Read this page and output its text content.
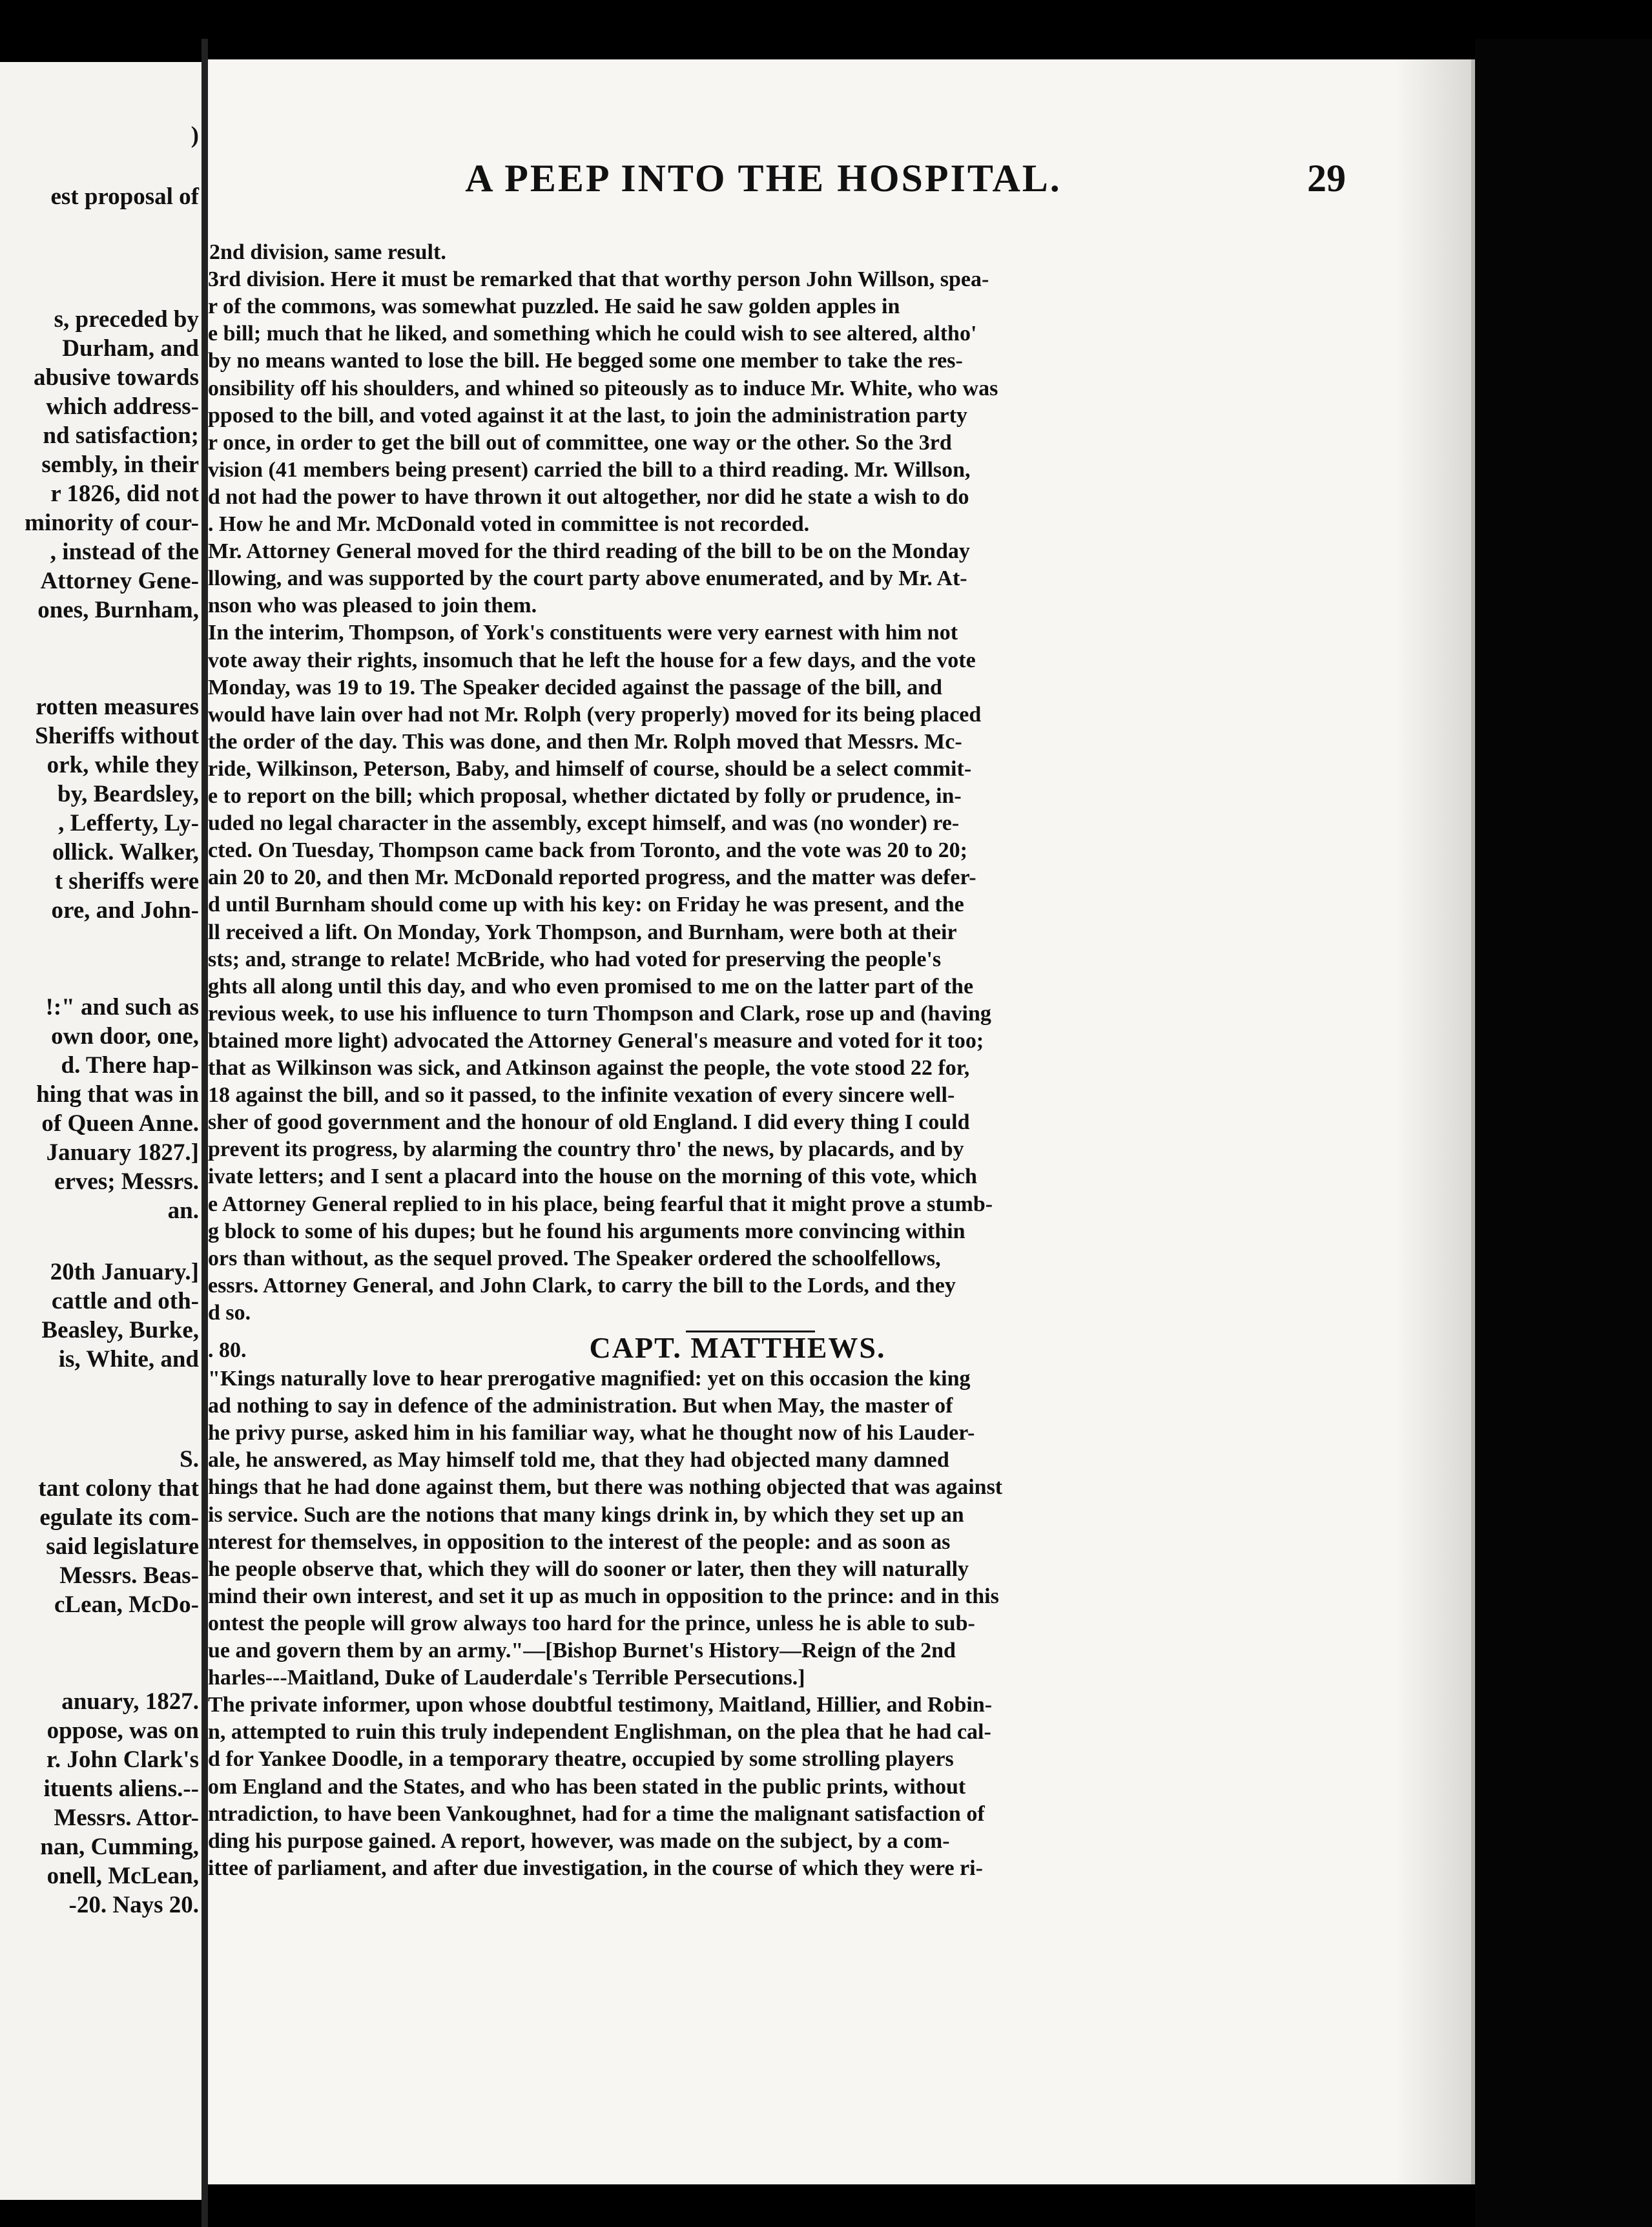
)
est proposal of
s, preceded by
Durham, and
abusive towards
which address-
nd satisfaction;
sembly, in their
r 1826, did not
minority of cour-
, instead of the
Attorney Gene-
ones, Burnham,
rotten measures
Sheriffs without
ork, while they
by, Beardsley,
, Lefferty, Ly-
ollick. Walker,
t sheriffs were
ore, and John-
!:" and such as
own door, one,
d. There hap-
hing that was in
of Queen Anne.
January 1827.]
erves; Messrs.
an.
20th January.]
cattle and oth-
Beasley, Burke,
is, White, and
S.
tant colony that
egulate its com-
said legislature
Messrs. Beas-
cLean, McDo-
anuary, 1827.
oppose, was on
r. John Clark's
ituents aliens.--
Messrs. Attor-
nan, Cumming,
onell, McLean,
-20. Nays 20.
A PEEP INTO THE HOSPITAL.	29
2nd division, same result.
3rd division. Here it must be remarked that that worthy person John Willson, spea-
r of the commons, was somewhat puzzled. He said he saw golden apples in
e bill; much that he liked, and something which he could wish to see altered, altho'
by no means wanted to lose the bill. He begged some one member to take the res-
onsibility off his shoulders, and whined so piteously as to induce Mr. White, who was
pposed to the bill, and voted against it at the last, to join the administration party
r once, in order to get the bill out of committee, one way or the other. So the 3rd
vision (41 members being present) carried the bill to a third reading. Mr. Willson,
d not had the power to have thrown it out altogether, nor did he state a wish to do
. How he and Mr. McDonald voted in committee is not recorded.
Mr. Attorney General moved for the third reading of the bill to be on the Monday
llowing, and was supported by the court party above enumerated, and by Mr. At-
nson who was pleased to join them.
In the interim, Thompson, of York's constituents were very earnest with him not
vote away their rights, insomuch that he left the house for a few days, and the vote
Monday, was 19 to 19. The Speaker decided against the passage of the bill, and
would have lain over had not Mr. Rolph (very properly) moved for its being placed
the order of the day. This was done, and then Mr. Rolph moved that Messrs. Mc-
ride, Wilkinson, Peterson, Baby, and himself of course, should be a select commit-
e to report on the bill; which proposal, whether dictated by folly or prudence, in-
uded no legal character in the assembly, except himself, and was (no wonder) re-
cted. On Tuesday, Thompson came back from Toronto, and the vote was 20 to 20;
ain 20 to 20, and then Mr. McDonald reported progress, and the matter was defer-
d until Burnham should come up with his key: on Friday he was present, and the
ll received a lift. On Monday, York Thompson, and Burnham, were both at their
sts; and, strange to relate! McBride, who had voted for preserving the people's
ghts all along until this day, and who even promised to me on the latter part of the
revious week, to use his influence to turn Thompson and Clark, rose up and (having
btained more light) advocated the Attorney General's measure and voted for it too;
that as Wilkinson was sick, and Atkinson against the people, the vote stood 22 for,
18 against the bill, and so it passed, to the infinite vexation of every sincere well-
sher of good government and the honour of old England. I did every thing I could
prevent its progress, by alarming the country thro' the news, by placards, and by
ivate letters; and I sent a placard into the house on the morning of this vote, which
e Attorney General replied to in his place, being fearful that it might prove a stumb-
g block to some of his dupes; but he found his arguments more convincing within
ors than without, as the sequel proved. The Speaker ordered the schoolfellows,
essrs. Attorney General, and John Clark, to carry the bill to the Lords, and they
d so.
. 80.	CAPT. MATTHEWS.
"Kings naturally love to hear prerogative magnified: yet on this occasion the king
ad nothing to say in defence of the administration. But when May, the master of
he privy purse, asked him in his familiar way, what he thought now of his Lauder-
ale, he answered, as May himself told me, that they had objected many damned
hings that he had done against them, but there was nothing objected that was against
is service. Such are the notions that many kings drink in, by which they set up an
nterest for themselves, in opposition to the interest of the people: and as soon as
he people observe that, which they will do sooner or later, then they will naturally
mind their own interest, and set it up as much in opposition to the prince: and in this
ontest the people will grow always too hard for the prince, unless he is able to sub-
ue and govern them by an army."—[Bishop Burnet's History—Reign of the 2nd
harles---Maitland, Duke of Lauderdale's Terrible Persecutions.]
The private informer, upon whose doubtful testimony, Maitland, Hillier, and Robin-
n, attempted to ruin this truly independent Englishman, on the plea that he had cal-
d for Yankee Doodle, in a temporary theatre, occupied by some strolling players
om England and the States, and who has been stated in the public prints, without
ntradiction, to have been Vankoughnet, had for a time the malignant satisfaction of
ding his purpose gained. A report, however, was made on the subject, by a com-
ittee of parliament, and after due investigation, in the course of which they were ri-
